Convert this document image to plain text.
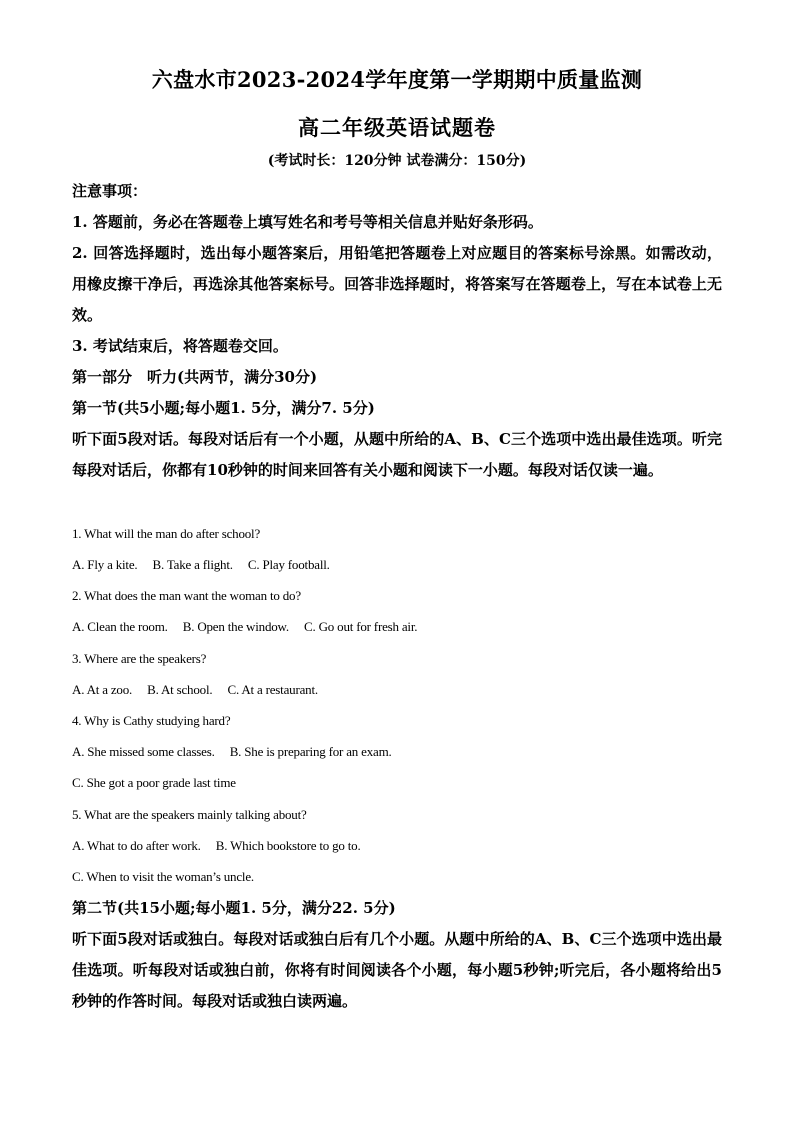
六盘水市2023-2024学年度第一学期期中质量监测
高二年级英语试题卷
(考试时长：120分钟 试卷满分：150分)
注意事项：
1. 答题前，务必在答题卷上填写姓名和考号等相关信息并贴好条形码。
2. 回答选择题时，选出每小题答案后，用铅笔把答题卷上对应题目的答案标号涂黑。如需改动，用橡皮擦干净后，再选涂其他答案标号。回答非选择题时，将答案写在答题卷上，写在本试卷上无效。
3. 考试结束后，将答题卷交回。
第一部分　听力(共两节，满分30分)
第一节(共5小题;每小题1. 5分，满分7. 5分)
听下面5段对话。每段对话后有一个小题，从题中所给的A、B、C三个选项中选出最佳选项。听完每段对话后，你都有10秒钟的时间来回答有关小题和阅读下一小题。每段对话仅读一遍。
1. What will the man do after school?
A. Fly a kite. B. Take a flight. C. Play football.
2. What does the man want the woman to do?
A. Clean the room. B. Open the window. C. Go out for fresh air.
3. Where are the speakers?
A. At a zoo. B. At school. C. At a restaurant.
4. Why is Cathy studying hard?
A. She missed some classes. B. She is preparing for an exam.
C. She got a poor grade last time
5. What are the speakers mainly talking about?
A. What to do after work. B. Which bookstore to go to.
C. When to visit the woman’s uncle.
第二节(共15小题;每小题1. 5分，满分22. 5分)
听下面5段对话或独白。每段对话或独白后有几个小题。从题中所给的A、B、C三个选项中选出最佳选项。听每段对话或独白前，你将有时间阅读各个小题，每小题5秒钟;听完后，各小题将给出5秒钟的作答时间。每段对话或独白读两遍。
